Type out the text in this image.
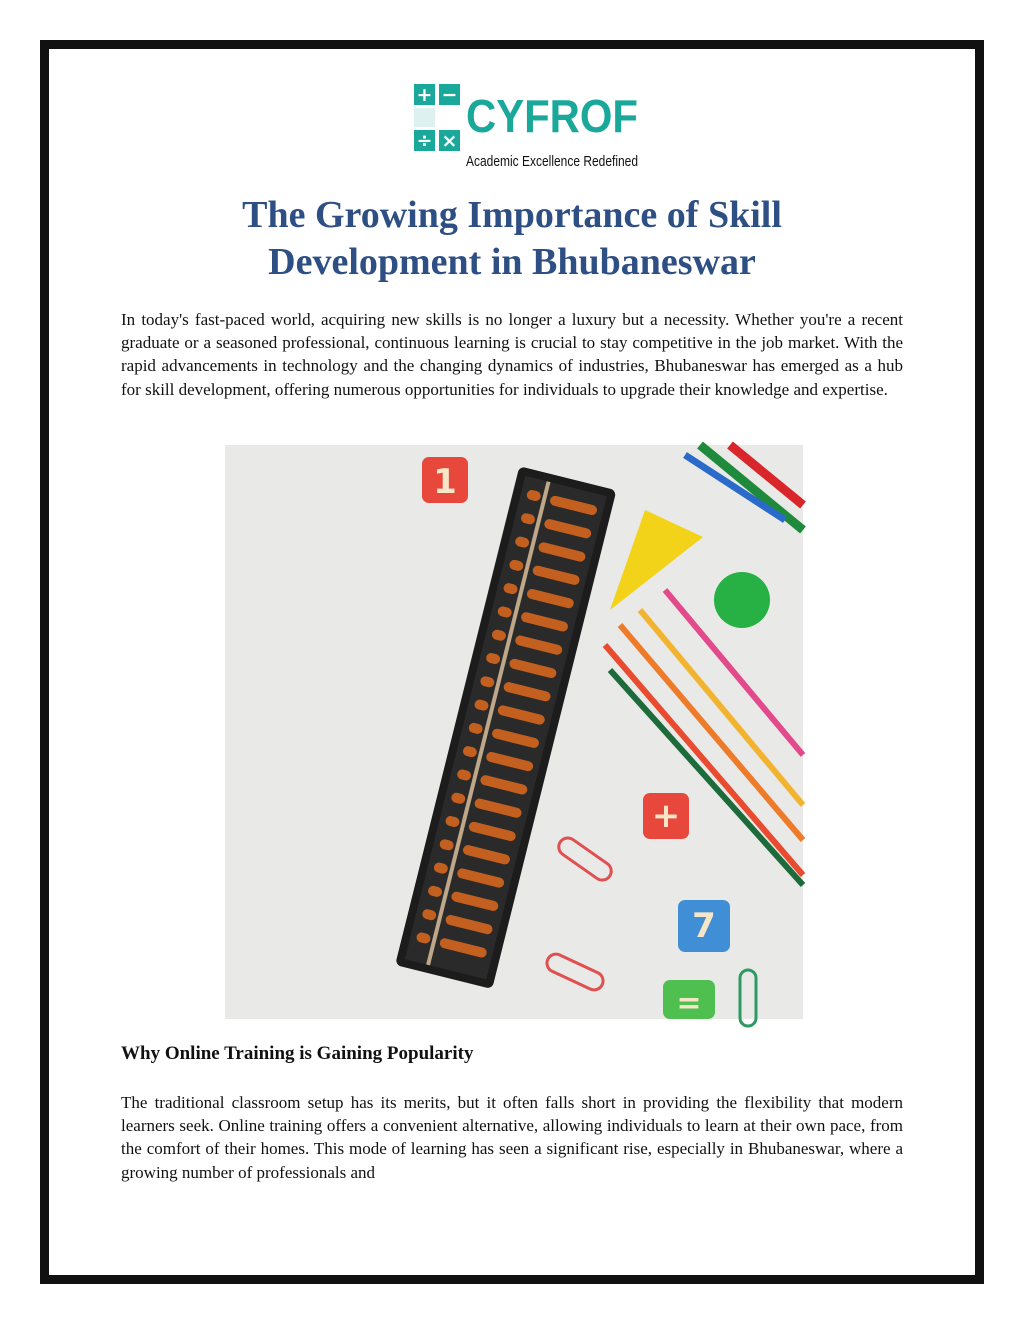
+ −
÷ × CYFROF
Academic Excellence Redefined
The Growing Importance of Skill
Development in Bhubaneswar

In today's fast-paced world, acquiring new skills is no longer a luxury but a necessity. Whether you're a recent graduate or a seasoned professional, continuous learning is crucial to stay competitive in the job market. With the rapid advancements in technology and the changing dynamics of industries, Bhubaneswar has emerged as a hub for skill development, offering numerous opportunities for individuals to upgrade their knowledge and expertise.

1
+
7
=
Why Online Training is Gaining Popularity

The traditional classroom setup has its merits, but it often falls short in providing the flexibility that modern learners seek. Online training offers a convenient alternative, allowing individuals to learn at their own pace, from the comfort of their homes. This mode of learning has seen a significant rise, especially in Bhubaneswar, where a growing number of professionals and
